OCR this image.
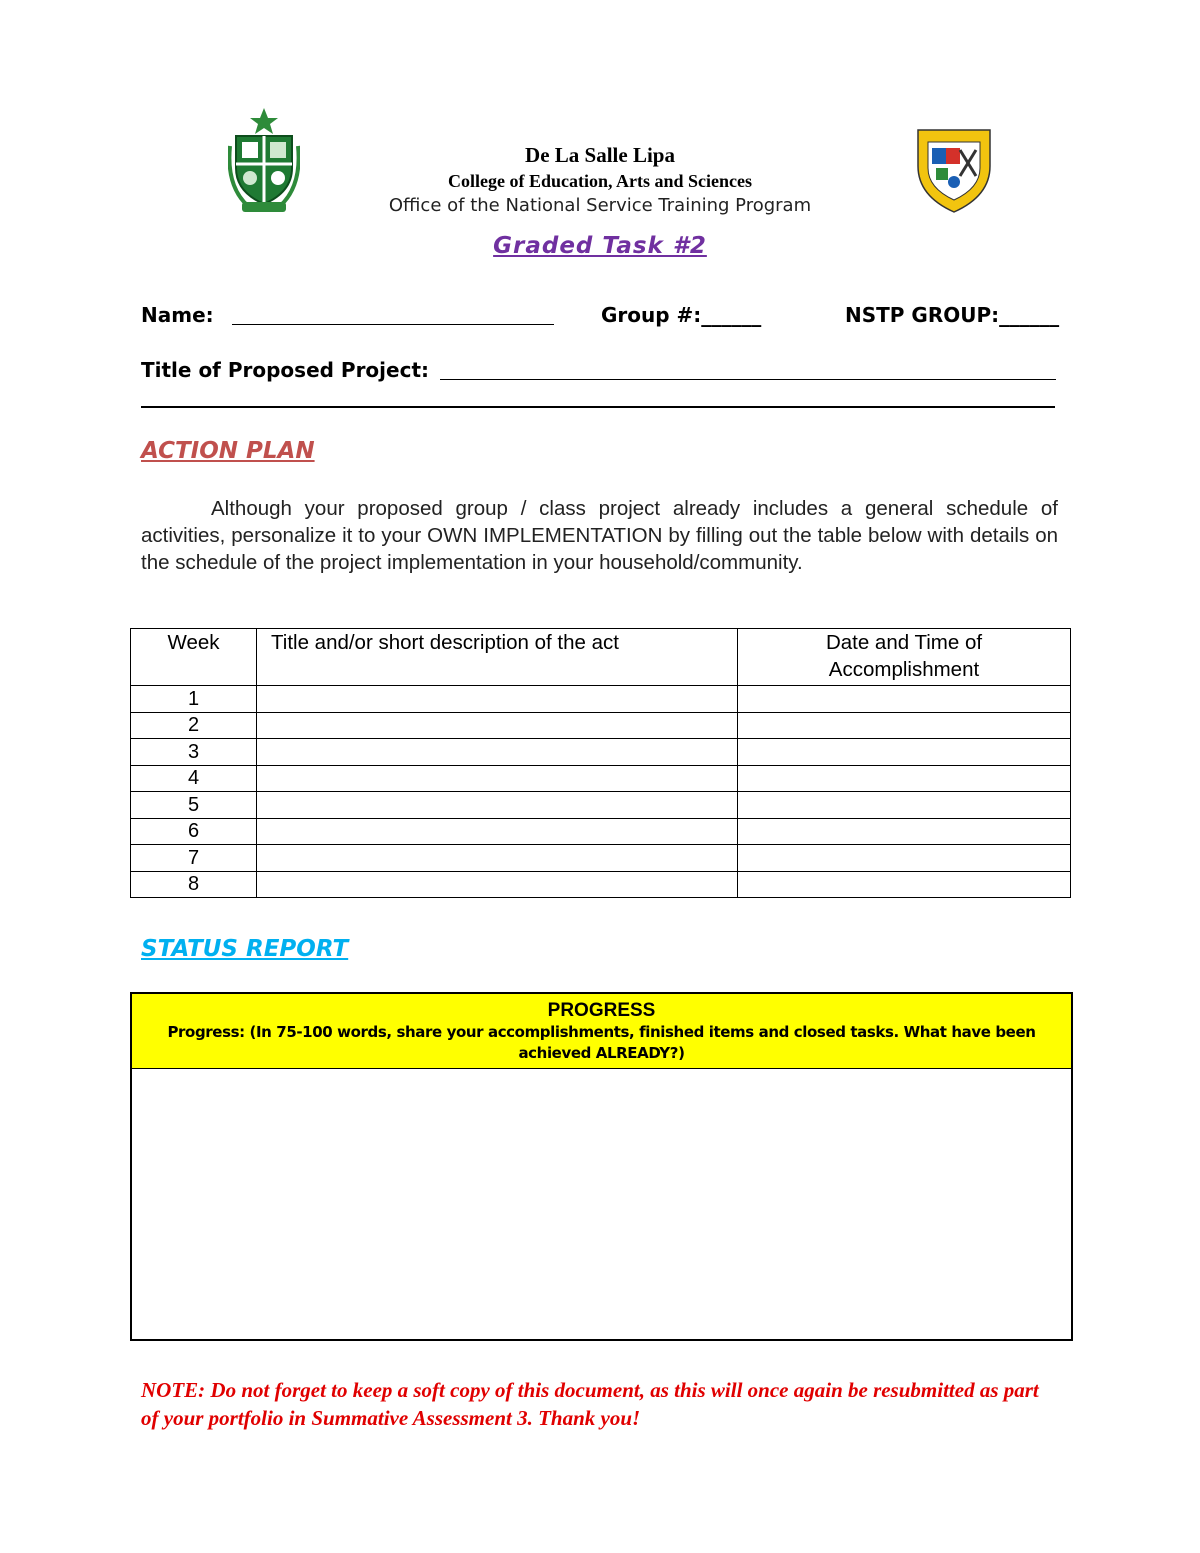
De La Salle Lipa
College of Education, Arts and Sciences
Office of the National Service Training Program
Graded Task #2
Name:	Group #:______	NSTP GROUP:______
Title of Proposed Project:
ACTION PLAN
Although your proposed group / class project already includes a general schedule of activities, personalize it to your OWN IMPLEMENTATION by filling out the table below with details on the schedule of the project implementation in your household/community.
Week	Title and/or short description of the act	Date and Time of Accomplishment
1		
2		
3		
4		
5		
6		
7		
8		
STATUS REPORT
PROGRESS
Progress: (In 75-100 words, share your accomplishments, finished items and closed tasks. What have been achieved ALREADY?)
NOTE: Do not forget to keep a soft copy of this document, as this will once again be resubmitted as part of your portfolio in Summative Assessment 3. Thank you!
